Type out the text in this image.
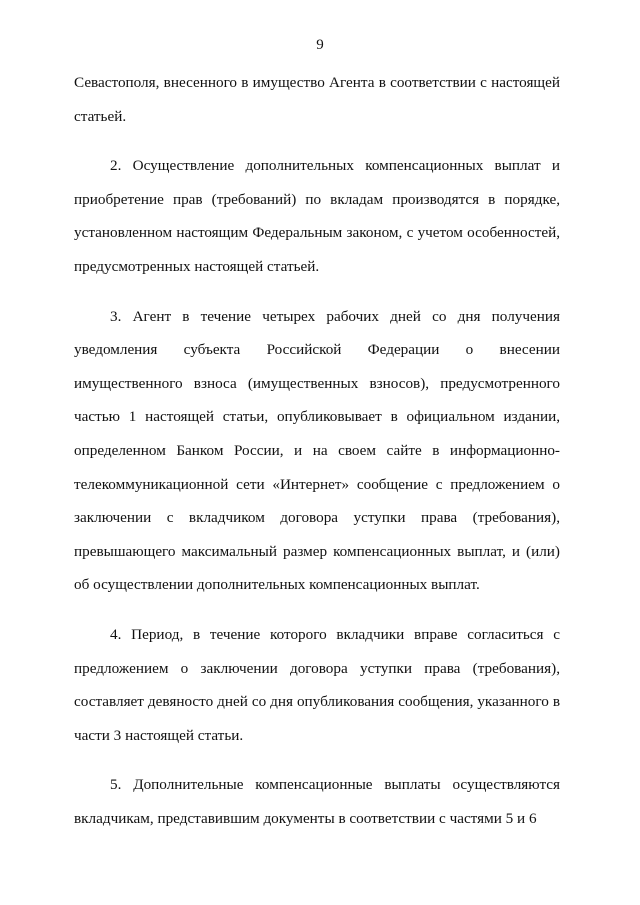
9

Севастополя, внесенного в имущество Агента в соответствии с настоящей статьей.

2. Осуществление дополнительных компенсационных выплат и приобретение прав (требований) по вкладам производятся в порядке, установленном настоящим Федеральным законом, с учетом особенностей, предусмотренных настоящей статьей.

3. Агент в течение четырех рабочих дней со дня получения уведомления субъекта Российской Федерации о внесении имущественного взноса (имущественных взносов), предусмотренного частью 1 настоящей статьи, опубликовывает в официальном издании, определенном Банком России, и на своем сайте в информационно-телекоммуникационной сети «Интернет» сообщение с предложением о заключении с вкладчиком договора уступки права (требования), превышающего максимальный размер компенсационных выплат, и (или) об осуществлении дополнительных компенсационных выплат.

4. Период, в течение которого вкладчики вправе согласиться с предложением о заключении договора уступки права (требования), составляет девяносто дней со дня опубликования сообщения, указанного в части 3 настоящей статьи.

5. Дополнительные компенсационные выплаты осуществляются вкладчикам, представившим документы в соответствии с частями 5 и 6
